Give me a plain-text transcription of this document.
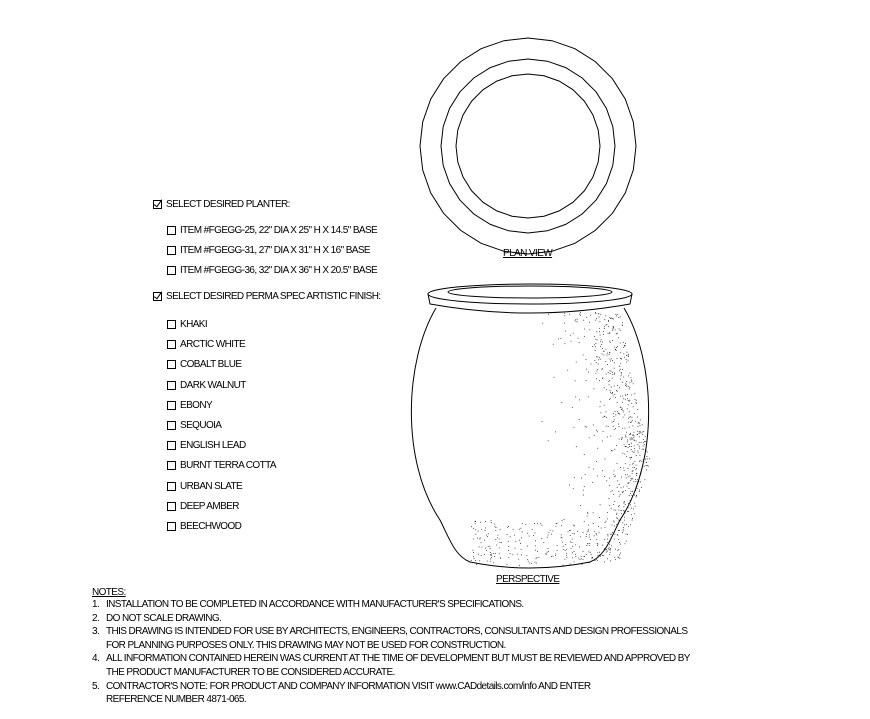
SELECT DESIRED PLANTER:
ITEM #FGEGG-25, 22" DIA X 25" H X 14.5" BASE
ITEM #FGEGG-31, 27" DIA X 31" H X 16" BASE
ITEM #FGEGG-36, 32" DIA X 36" H X 20.5" BASE
SELECT DESIRED PERMA SPEC ARTISTIC FINISH:
KHAKI
ARCTIC WHITE
COBALT BLUE
DARK WALNUT
EBONY
SEQUOIA
ENGLISH LEAD
BURNT TERRA COTTA
URBAN SLATE
DEEP AMBER
BEECHWOOD
PLAN VIEW
PERSPECTIVE
NOTES:
1. INSTALLATION TO BE COMPLETED IN ACCORDANCE WITH MANUFACTURER'S SPECIFICATIONS.
2. DO NOT SCALE DRAWING.
3. THIS DRAWING IS INTENDED FOR USE BY ARCHITECTS, ENGINEERS, CONTRACTORS, CONSULTANTS AND DESIGN PROFESSIONALS
FOR PLANNING PURPOSES ONLY. THIS DRAWING MAY NOT BE USED FOR CONSTRUCTION.
4. ALL INFORMATION CONTAINED HEREIN WAS CURRENT AT THE TIME OF DEVELOPMENT BUT MUST BE REVIEWED AND APPROVED BY
THE PRODUCT MANUFACTURER TO BE CONSIDERED ACCURATE.
5. CONTRACTOR'S NOTE: FOR PRODUCT AND COMPANY INFORMATION VISIT www.CADdetails.com/info AND ENTER
REFERENCE NUMBER 4871-065.
